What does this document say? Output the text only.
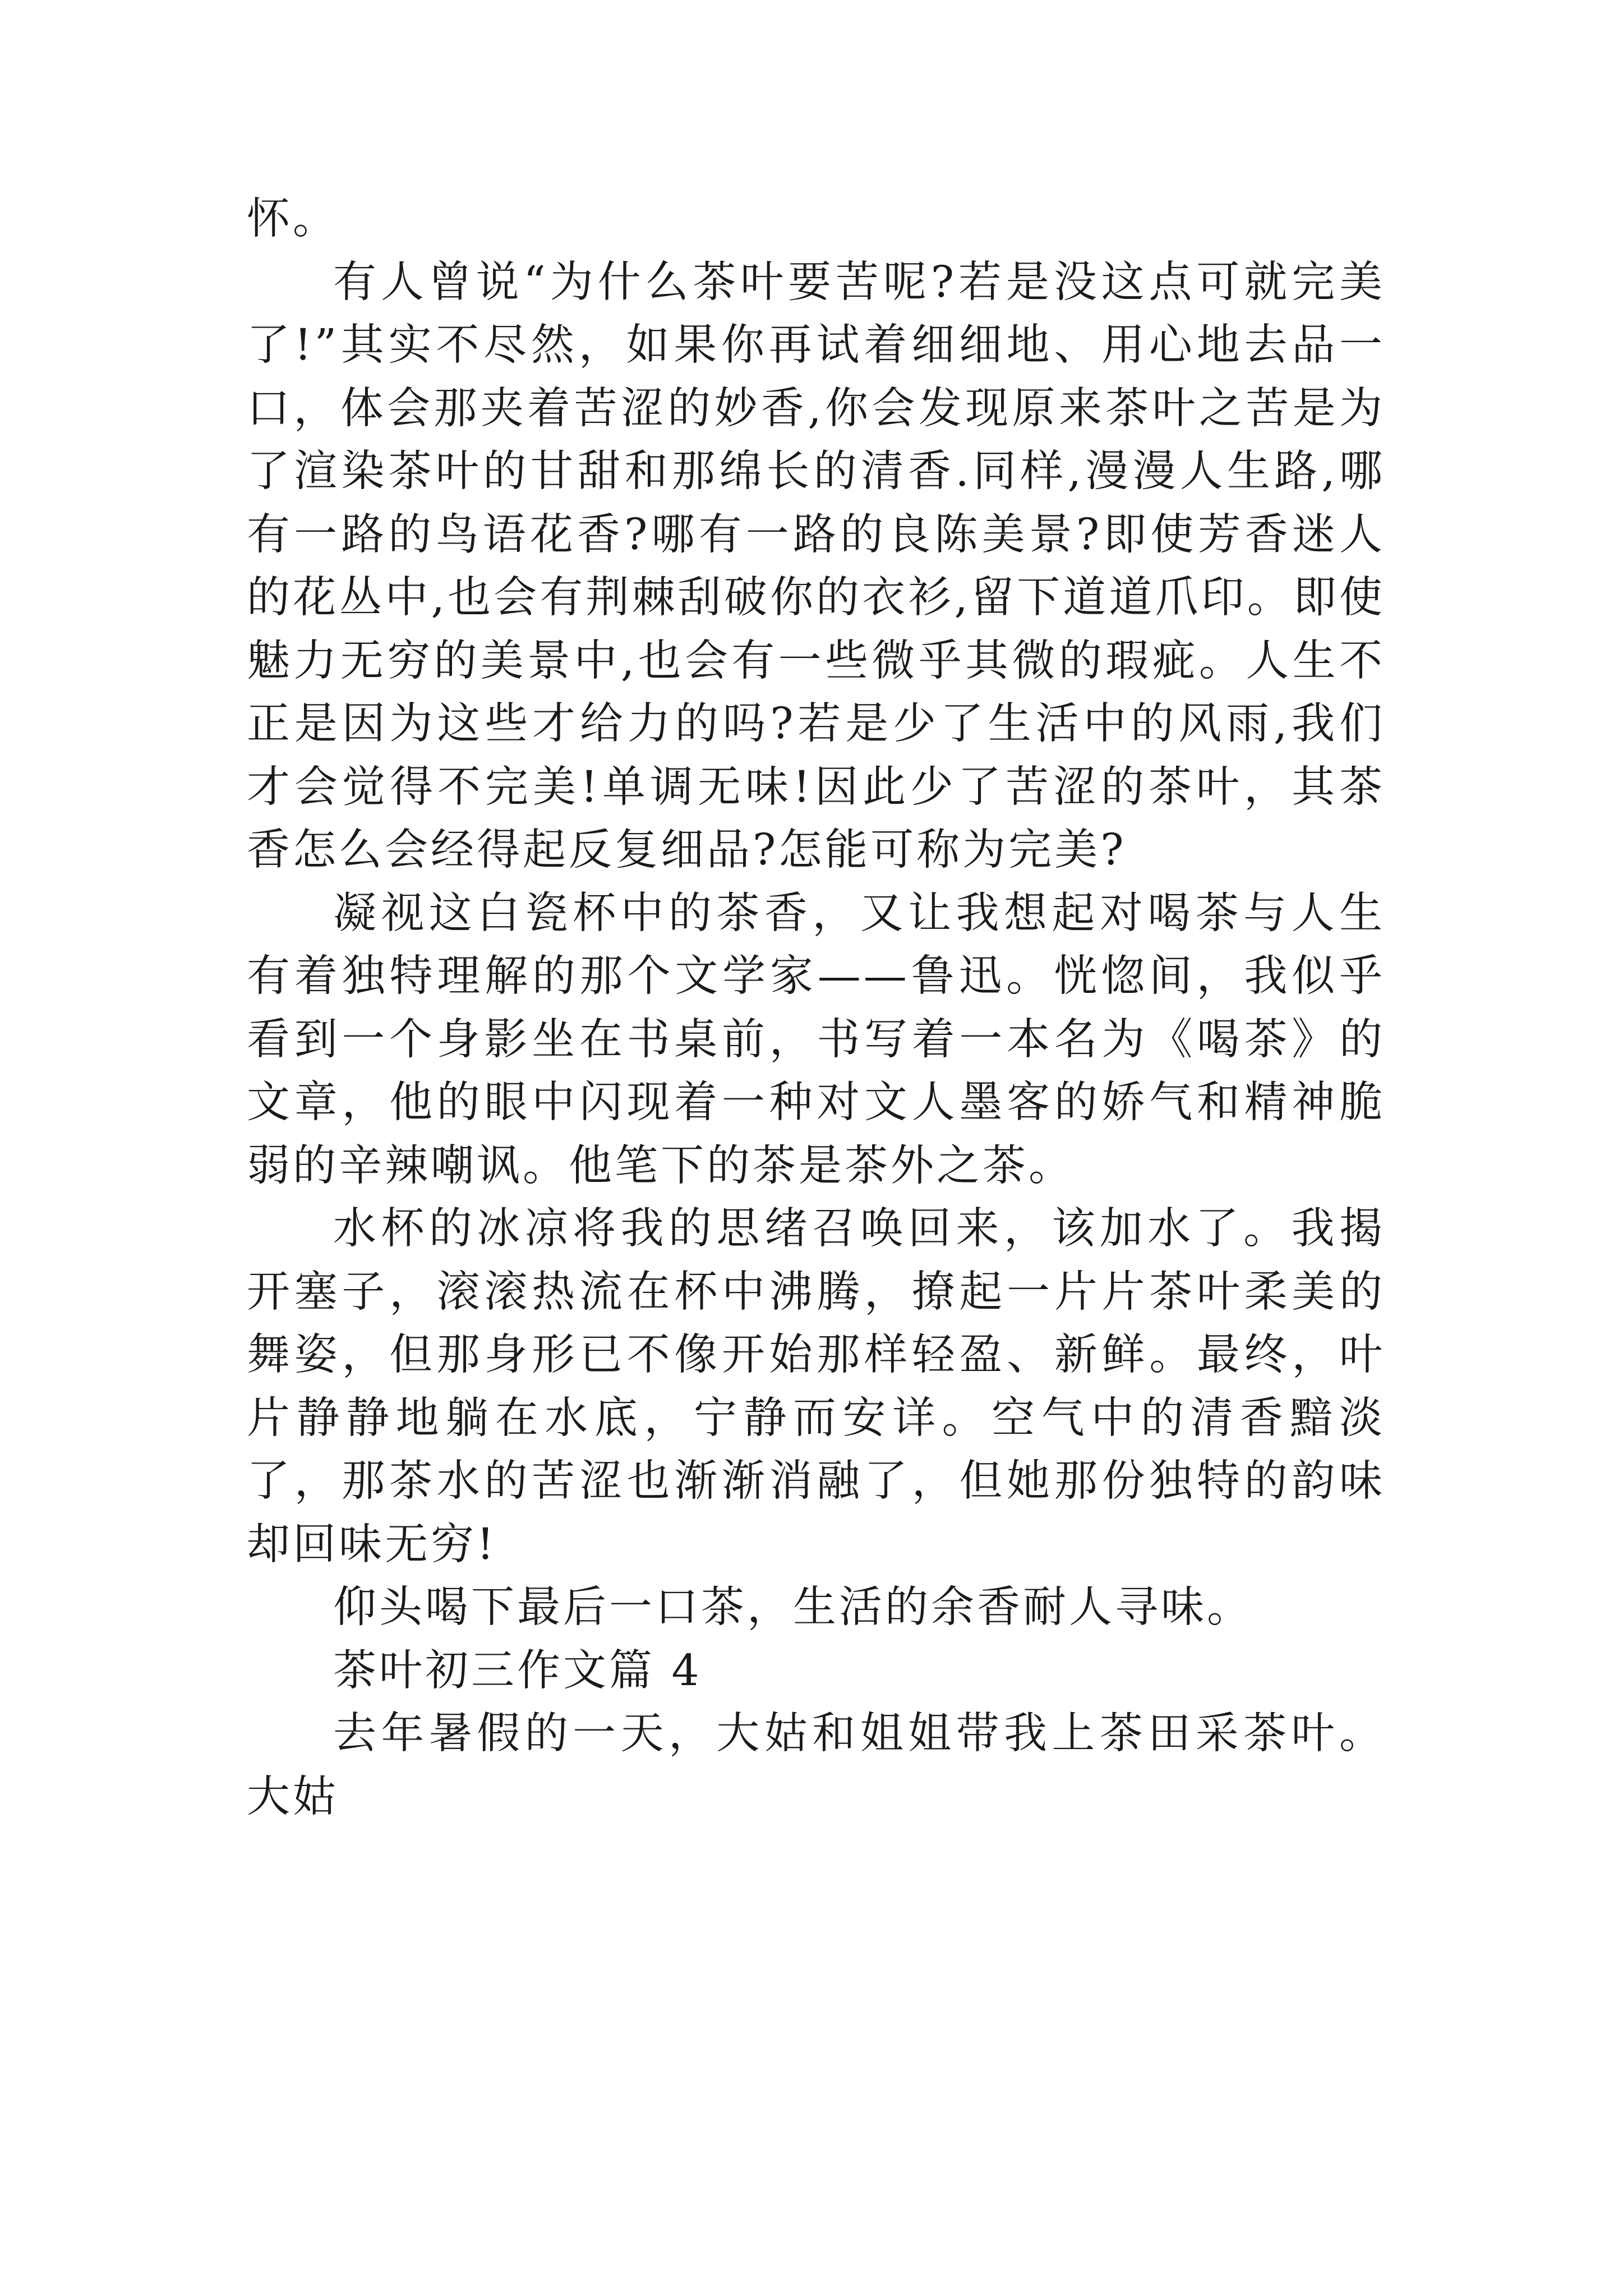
怀。

有人曾说“为什么茶叶要苦呢?若是没这点可就完美了!”其实不尽然，如果你再试着细细地、用心地去品一口，体会那夹着苦涩的妙香,你会发现原来茶叶之苦是为了渲染茶叶的甘甜和那绵长的清香.同样,漫漫人生路,哪有一路的鸟语花香?哪有一路的良陈美景?即使芳香迷人的花丛中,也会有荆棘刮破你的衣衫,留下道道爪印。即使魅力无穷的美景中,也会有一些微乎其微的瑕疵。人生不正是因为这些才给力的吗?若是少了生活中的风雨,我们才会觉得不完美!单调无味!因此少了苦涩的茶叶，其茶香怎么会经得起反复细品?怎能可称为完美?

凝视这白瓷杯中的茶香，又让我想起对喝茶与人生有着独特理解的那个文学家——鲁迅。恍惚间，我似乎看到一个身影坐在书桌前，书写着一本名为《喝茶》的文章，他的眼中闪现着一种对文人墨客的娇气和精神脆弱的辛辣嘲讽。他笔下的茶是茶外之茶。

水杯的冰凉将我的思绪召唤回来，该加水了。我揭开塞子，滚滚热流在杯中沸腾，撩起一片片茶叶柔美的舞姿，但那身形已不像开始那样轻盈、新鲜。最终，叶片静静地躺在水底，宁静而安详。空气中的清香黯淡了，那茶水的苦涩也渐渐消融了，但她那份独特的韵味却回味无穷!

仰头喝下最后一口茶，生活的余香耐人寻味。

茶叶初三作文篇 4

去年暑假的一天，大姑和姐姐带我上茶田采茶叶。大姑
